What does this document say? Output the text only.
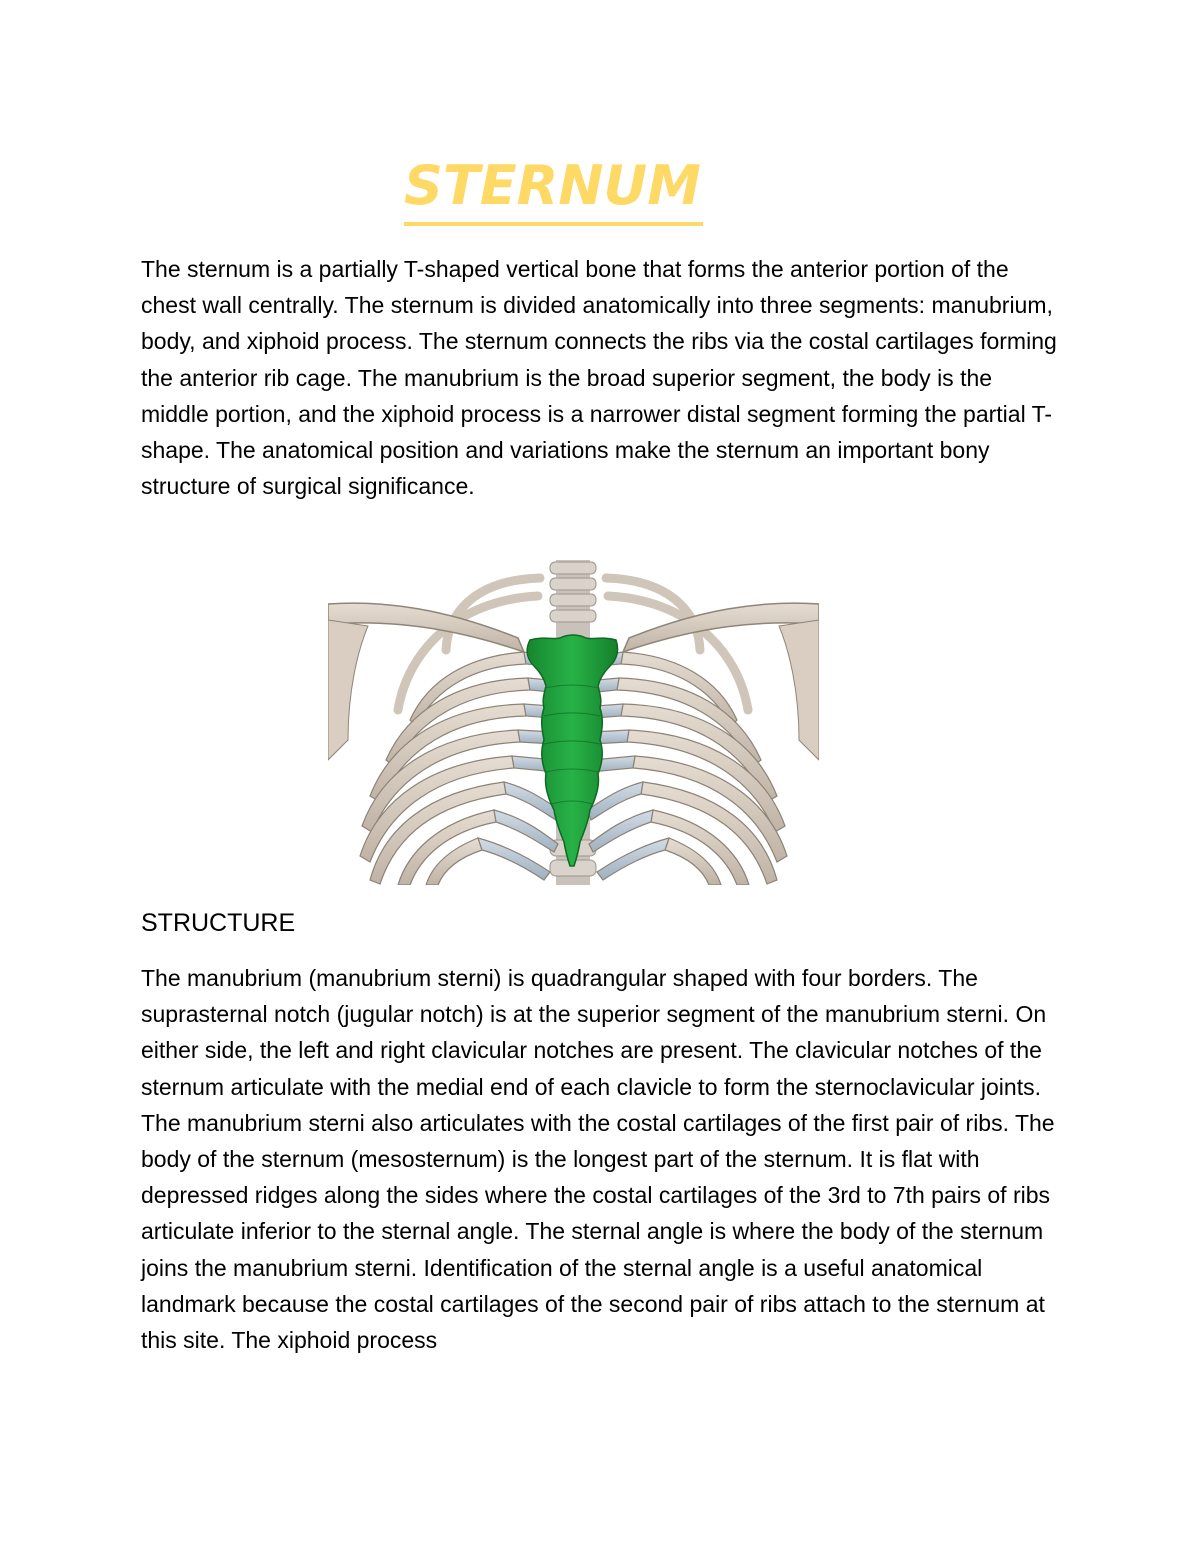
STERNUM

The sternum is a partially T-shaped vertical bone that forms the anterior portion of the chest wall centrally. The sternum is divided anatomically into three segments: manubrium, body, and xiphoid process. The sternum connects the ribs via the costal cartilages forming the anterior rib cage. The manubrium is the broad superior segment, the body is the middle portion, and the xiphoid process is a narrower distal segment forming the partial T-shape. The anatomical position and variations make the sternum an important bony structure of surgical significance.

STRUCTURE

The manubrium (manubrium sterni) is quadrangular shaped with four borders. The suprasternal notch (jugular notch) is at the superior segment of the manubrium sterni. On either side, the left and right clavicular notches are present. The clavicular notches of the sternum articulate with the medial end of each clavicle to form the sternoclavicular joints. The manubrium sterni also articulates with the costal cartilages of the first pair of ribs. The body of the sternum (mesosternum) is the longest part of the sternum. It is flat with depressed ridges along the sides where the costal cartilages of the 3rd to 7th pairs of ribs articulate inferior to the sternal angle. The sternal angle is where the body of the sternum joins the manubrium sterni. Identification of the sternal angle is a useful anatomical landmark because the costal cartilages of the second pair of ribs attach to the sternum at this site. The xiphoid process
